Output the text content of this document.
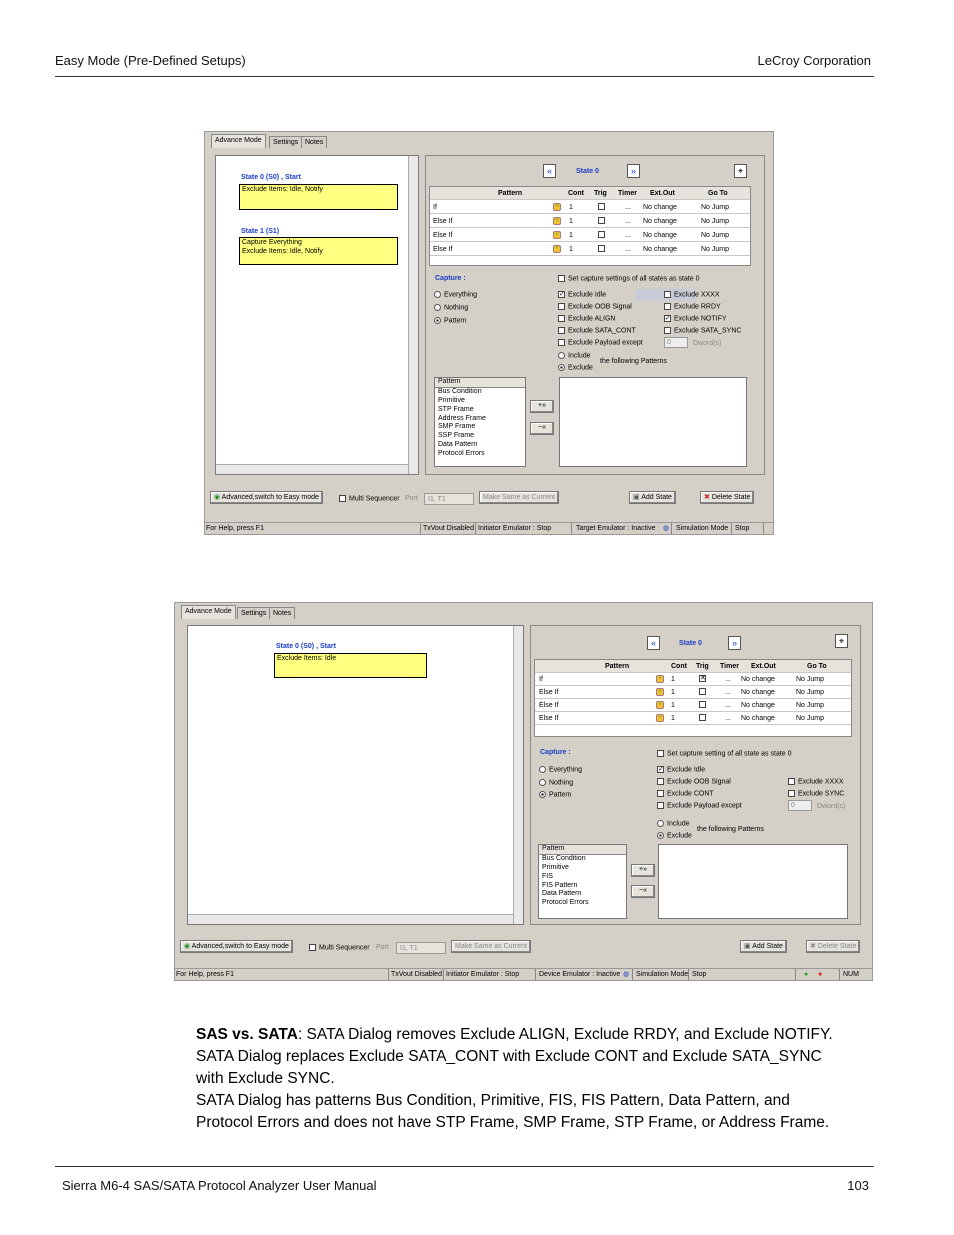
Easy Mode (Pre-Defined Setups)	LeCroy Corporation
Advance Mode	Settings Notes
State 0 (S0) , Start
Exclude Items: Idle, Notify
State 1 (S1)
Capture Everything
Exclude Items: Idle, Notify
«	State 0	»	⌖
Pattern	Cont Trig Timer Ext.Out	Go To
If	+ 1	... No change	No Jump
Else If	+ 1	... No change	No Jump
Else If	+ 1	... No change	No Jump
Else If	+ 1	... No change	No Jump
Capture :
Everything
Nothing
Pattern
Set capture settings of all states as state 0
✓ Exclude Idle
Exclude OOB Signal
Exclude ALIGN
Exclude SATA_CONT
Exclude Payload except
Exclude XXXX
Exclude RRDY
✓ Exclude NOTIFY
Exclude SATA_SYNC
0	Dword(s)
Include
the following Patterns
Exclude
Pattern
Bus Condition
Primitive
STP Frame
Address Frame
SMP Frame
SSP Frame
Data Pattern
Protocol Errors
+»
−«
◉ Advanced,switch to Easy mode	Multi Sequencer Port	I1, T1	Make Same as Current	▣ Add State	✖ Delete State
For Help, press F1	TxVout Disabled Initiator Emulator : Stop	Target Emulator : Inactive ◍ Simulation Mode Stop
Advance Mode	Settings Notes
State 0 (S0) , Start
Exclude Items: Idle
«	State 0	»	⌖
Pattern	Cont Trig Timer Ext.Out	Go To
If	+ 1	✕	... No change	No Jump
Else If	+ 1	... No change	No Jump
Else If	+ 1	... No change	No Jump
Else If	+ 1	... No change	No Jump
Capture :
Everything
Nothing
Pattern
Set capture setting of all state as state 0
✓ Exclude Idle
Exclude OOB Signal
Exclude CONT
Exclude Payload except
Exclude XXXX
Exclude SYNC
0	Dword(s)
Include
the following Patterns
Exclude
Pattern
Bus Condition
Primitive
FIS
FIS Pattern
Data Pattern
Protocol Errors
+»
−«
◉ Advanced,switch to Easy mode	Multi Sequencer Port	I1, T1	Make Same as Current	▣ Add State	✖ Delete State
For Help, press F1	TxVout Disabled Initiator Emulator : Stop	Device Emulator : Inactive ◍ Simulation Mode Stop	● ●	NUM
SAS vs. SATA: SATA Dialog removes Exclude ALIGN, Exclude RRDY, and Exclude NOTIFY.
SATA Dialog replaces Exclude SATA_CONT with Exclude CONT and Exclude SATA_SYNC
with Exclude SYNC.
SATA Dialog has patterns Bus Condition, Primitive, FIS, FIS Pattern, Data Pattern, and
Protocol Errors and does not have STP Frame, SMP Frame, STP Frame, or Address Frame.
Sierra M6-4 SAS/SATA Protocol Analyzer User Manual	103
